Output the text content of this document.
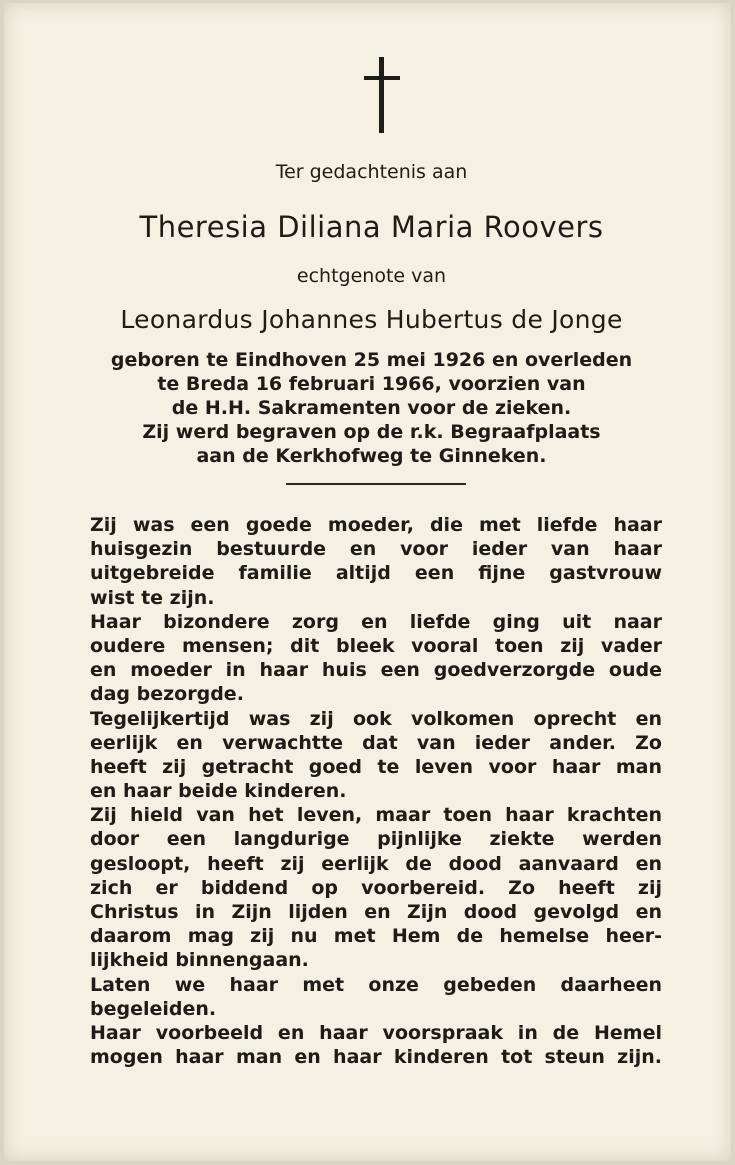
Ter gedachtenis aan
Theresia Diliana Maria Roovers
echtgenote van
Leonardus Johannes Hubertus de Jonge
geboren te Eindhoven 25 mei 1926 en overleden
te Breda 16 februari 1966, voorzien van
de H.H. Sakramenten voor de zieken.
Zij werd begraven op de r.k. Begraafplaats
aan de Kerkhofweg te Ginneken.
Zij was een goede moeder, die met liefde haar
huisgezin bestuurde en voor ieder van haar
uitgebreide familie altijd een fijne gastvrouw
wist te zijn.
Haar bizondere zorg en liefde ging uit naar
oudere mensen; dit bleek vooral toen zij vader
en moeder in haar huis een goedverzorgde oude
dag bezorgde.
Tegelijkertijd was zij ook volkomen oprecht en
eerlijk en verwachtte dat van ieder ander. Zo
heeft zij getracht goed te leven voor haar man
en haar beide kinderen.
Zij hield van het leven, maar toen haar krachten
door een langdurige pijnlijke ziekte werden
gesloopt, heeft zij eerlijk de dood aanvaard en
zich er biddend op voorbereid. Zo heeft zij
Christus in Zijn lijden en Zijn dood gevolgd en
daarom mag zij nu met Hem de hemelse heer-
lijkheid binnengaan.
Laten we haar met onze gebeden daarheen
begeleiden.
Haar voorbeeld en haar voorspraak in de Hemel
mogen haar man en haar kinderen tot steun zijn.
